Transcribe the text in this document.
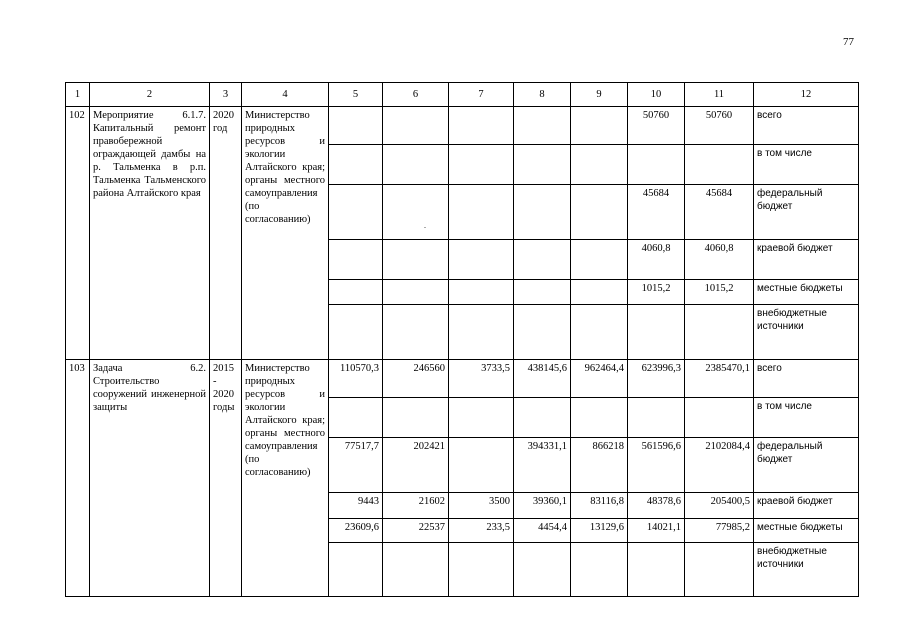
77
1	2	3	4	5	6	7	8	9	10	11	12
102	Мероприятие 6.1.7. Капитальный ремонт правобережной ограждающей дамбы на р. Тальменка в р.п. Тальменка Тальменского района Алтайского края	2020 год	Министерство природных ресурсов и экологии Алтайского края; органы местного самоуправления (по согласованию)						50760	50760	всего
											в том числе
									45684	45684	федеральный бюджет
									4060,8	4060,8	краевой бюджет
									1015,2	1015,2	местные бюджеты
											внебюджетные источники
103	Задача 6.2. Строительство сооружений инженерной защиты	2015 - 2020 годы	Министерство природных ресурсов и экологии Алтайского края; органы местного самоуправления (по согласованию)	110570,3	246560	3733,5	438145,6	962464,4	623996,3	2385470,1	всего
											в том числе
				77517,7	202421		394331,1	866218	561596,6	2102084,4	федеральный бюджет
				9443	21602	3500	39360,1	83116,8	48378,6	205400,5	краевой бюджет
				23609,6	22537	233,5	4454,4	13129,6	14021,1	77985,2	местные бюджеты
											внебюджетные источники
